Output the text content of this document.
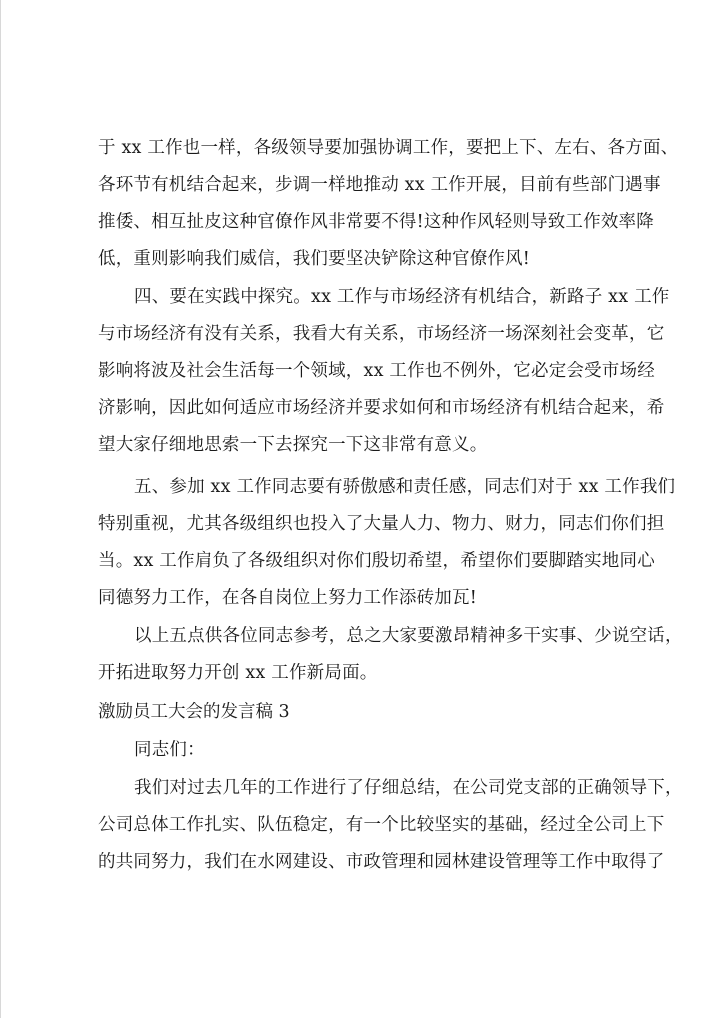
于 xx 工作也一样，各级领导要加强协调工作，要把上下、左右、各方面、
各环节有机结合起来，步调一样地推动 xx 工作开展，目前有些部门遇事
推倭、相互扯皮这种官僚作风非常要不得!这种作风轻则导致工作效率降
低，重则影响我们威信，我们要坚决铲除这种官僚作风!
四、要在实践中探究。xx 工作与市场经济有机结合，新路子 xx 工作
与市场经济有没有关系，我看大有关系，市场经济一场深刻社会变革，它
影响将波及社会生活每一个领域，xx 工作也不例外，它必定会受市场经
济影响，因此如何适应市场经济并要求如何和市场经济有机结合起来，希
望大家仔细地思索一下去探究一下这非常有意义。
五、参加 xx 工作同志要有骄傲感和责任感，同志们对于 xx 工作我们
特别重视，尤其各级组织也投入了大量人力、物力、财力，同志们你们担
当。xx 工作肩负了各级组织对你们殷切希望，希望你们要脚踏实地同心
同德努力工作，在各自岗位上努力工作添砖加瓦!
以上五点供各位同志参考，总之大家要激昂精神多干实事、少说空话，
开拓进取努力开创 xx 工作新局面。
激励员工大会的发言稿 3
同志们：
我们对过去几年的工作进行了仔细总结，在公司党支部的正确领导下，
公司总体工作扎实、队伍稳定，有一个比较坚实的基础，经过全公司上下
的共同努力，我们在水网建设、市政管理和园林建设管理等工作中取得了
